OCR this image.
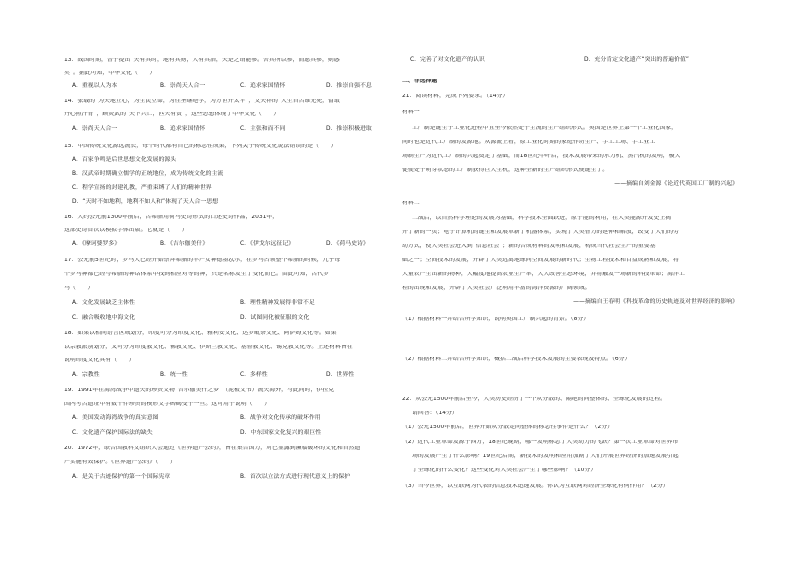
13．战国时期，晋子提出“天有其时，地有其财，人有其治，夫是之谓能参。舍其所以参，而愿其参，则惑
矣”。据此可知，中华文化（　　）
A．重视以人为本	B．崇尚天人合一	C．追求家国情怀	D．推崇自强不息
14．张载的“为天地立心，为生民立命，为往圣继绝学，为万世开太平”，文天祥的“人生自古谁无死，留取
丹心照汗青”，顾炎武的“天下兴亡，匹夫有责”，这些思想体现了中华文化（　　）
A．崇尚天人合一	B．追求家国情怀	C．主张和而不同	D．推崇积极进取
15．中国传统文化源远流长，每个时代都有自己的标志性成果，下列关于传统文化说法错误的是（　　）
A．百家争鸣是后世思想文化发展的源头
B．汉武帝时期确立儒学的正统地位，成为传统文化的主流
C．程学宣扬的封建礼教，严重束缚了人们的精神世界
D．“天时不如地利，地利不如人和”体现了天人合一思想
16．大约公元前1300年前后，古希腊用荷马史诗形式的口述史诗作品，2031年，
这部史诗首次以模拟字体出版。它就是（　　）
A．《摩诃婆罗多》	B．《吉尔伽美什》	C．《伊戈尔远征记》	D．《荷马史诗》
17．公元前5世纪时，罗马人已经开始崇拜希腊的丰产女神德墨忒尔，在罗马占领整个希腊的时候，几乎每
个罗马神都已经与希腊的神话体系中找到相应对等的神，只是名称发生了变化而已。由此可知，古代罗
马（　　）
A．文化发展缺乏主体性	B．理性精神发展得非常不足
C．融合吸收地中海文化	D．试图同化被征服的文化
18．如果以相同语言区域划分，印度可分为印度文化、雅利安文化、达罗毗荼文化、阿萨姆文化等。如果
以宗教派别划分，又可分为印度教文化、佛教文化、伊斯兰教文化、基督教文化、锡克教文化等。上述材料旨在
说明印度文化具有（　　）
A．宗教性	B．统一性	C．多样性	D．世界性
19．1991年在海湾战争中遗失的珍贵文物“吉尔伽美什之梦”（泥板文书）流失海外，与此同时，伊拉克
国内考古遗址中有数千件珍贵的楔形文字碑碣受于一旦。这可用于说明（　　）
A．美国发动海湾战争的真实意图	B．战争对文化传承的破坏作用
C．文化遗产保护国际法的缺失	D．中东国家文化复兴的艰巨性
20．1972年，联合国教科文组织大会通过《世界遗产公约》，旨在集合国力，对已显露到濒临破坏的文化和自然遗
产实施有效保护。《世界遗产公约》（　　）
A．是关于古迹保护的第一个国际宪章	B．首次以立法方式进行现代意义上的保护
C．完善了对文化遗产的认识	D．充分肯定文化遗产“突出的普遍价值”
二、非选择题
21．阅读材料，完成下列要求。（14分）
材料一
工厂制是诞生于工业化进程中且至今依然处于主流的生产组织形式。英国是世界上第一个工业化国家，
同时也是近代工厂制的发源地。从源流上看，原工业化时期的家庭作坊生产、手工工场、手工业工
场制生产为近代工厂制的兴起奠定了基础，而18世纪中叶后，技术发展带来的水力机、蒸汽机的发明，极大
促使处于萌芽状态的工厂制获得巨大生机，这种全新的生产组织形式便诞生了。
——摘编自刘金源《论近代英国工厂制的兴起》
材料二
二战后，以自然科学理论的发展为基础，科学技术全面跃进，原子能的利用，在人类能源开发史上揭
开了新的一页；电子计算机的诞生和发展革新了机器体系，实现了人类智力的延伸和解放，改变了人们的劳
动方式，使人类社会进入到“信息社会”；新的合成材料的发明和发展，构成当代社会生产的重要基
础之一；空间技术的发展，开辟了人类远离地球向空间发展的新时代；生物工程技术和目益成熟和发展，将
大量农产生出新的物种，大幅度地提高农业生产率，大大改善生态环境，并将触发一场新的科技革命；海洋工
程的出现和发展，开辟了人类社会广泛利用丰富的海洋资源的广阔领域。
——摘编自王春明《科技革命的历史轨迹及对世界经济的影响》
（1）根据材料一并结合所学知识，说明英国工厂制兴起的背景。（8分）
（2）根据材料二并结合所学知识，概括二战后科学技术发展的主要表现及特点。（6分）
22．从公元1500年前后至今，人类历史经历了一个从分散的、隔绝的向整体的、全球化发展的过程。
请回答：（14分）
（1）公元1500年前后，世界开始从分散走向整体的标志性事件是什么？（2分）
（2）近代工业革命发源于西方，18世纪晚期，哪一发明标志了人类动力的飞跃？第一次工业革命对世界市
场的发展产生了什么影响？19世纪后期，新技术的发明和应用加剧了人们开展世界经济的加速发展引起
了全球化的什么变化？这些变化对人类社会产生了哪些影响？（10分）
（3）当今世界，以互联网为代表的信息技术迅速发展。你认为互联网对经济全球化有何作用？（2分）
